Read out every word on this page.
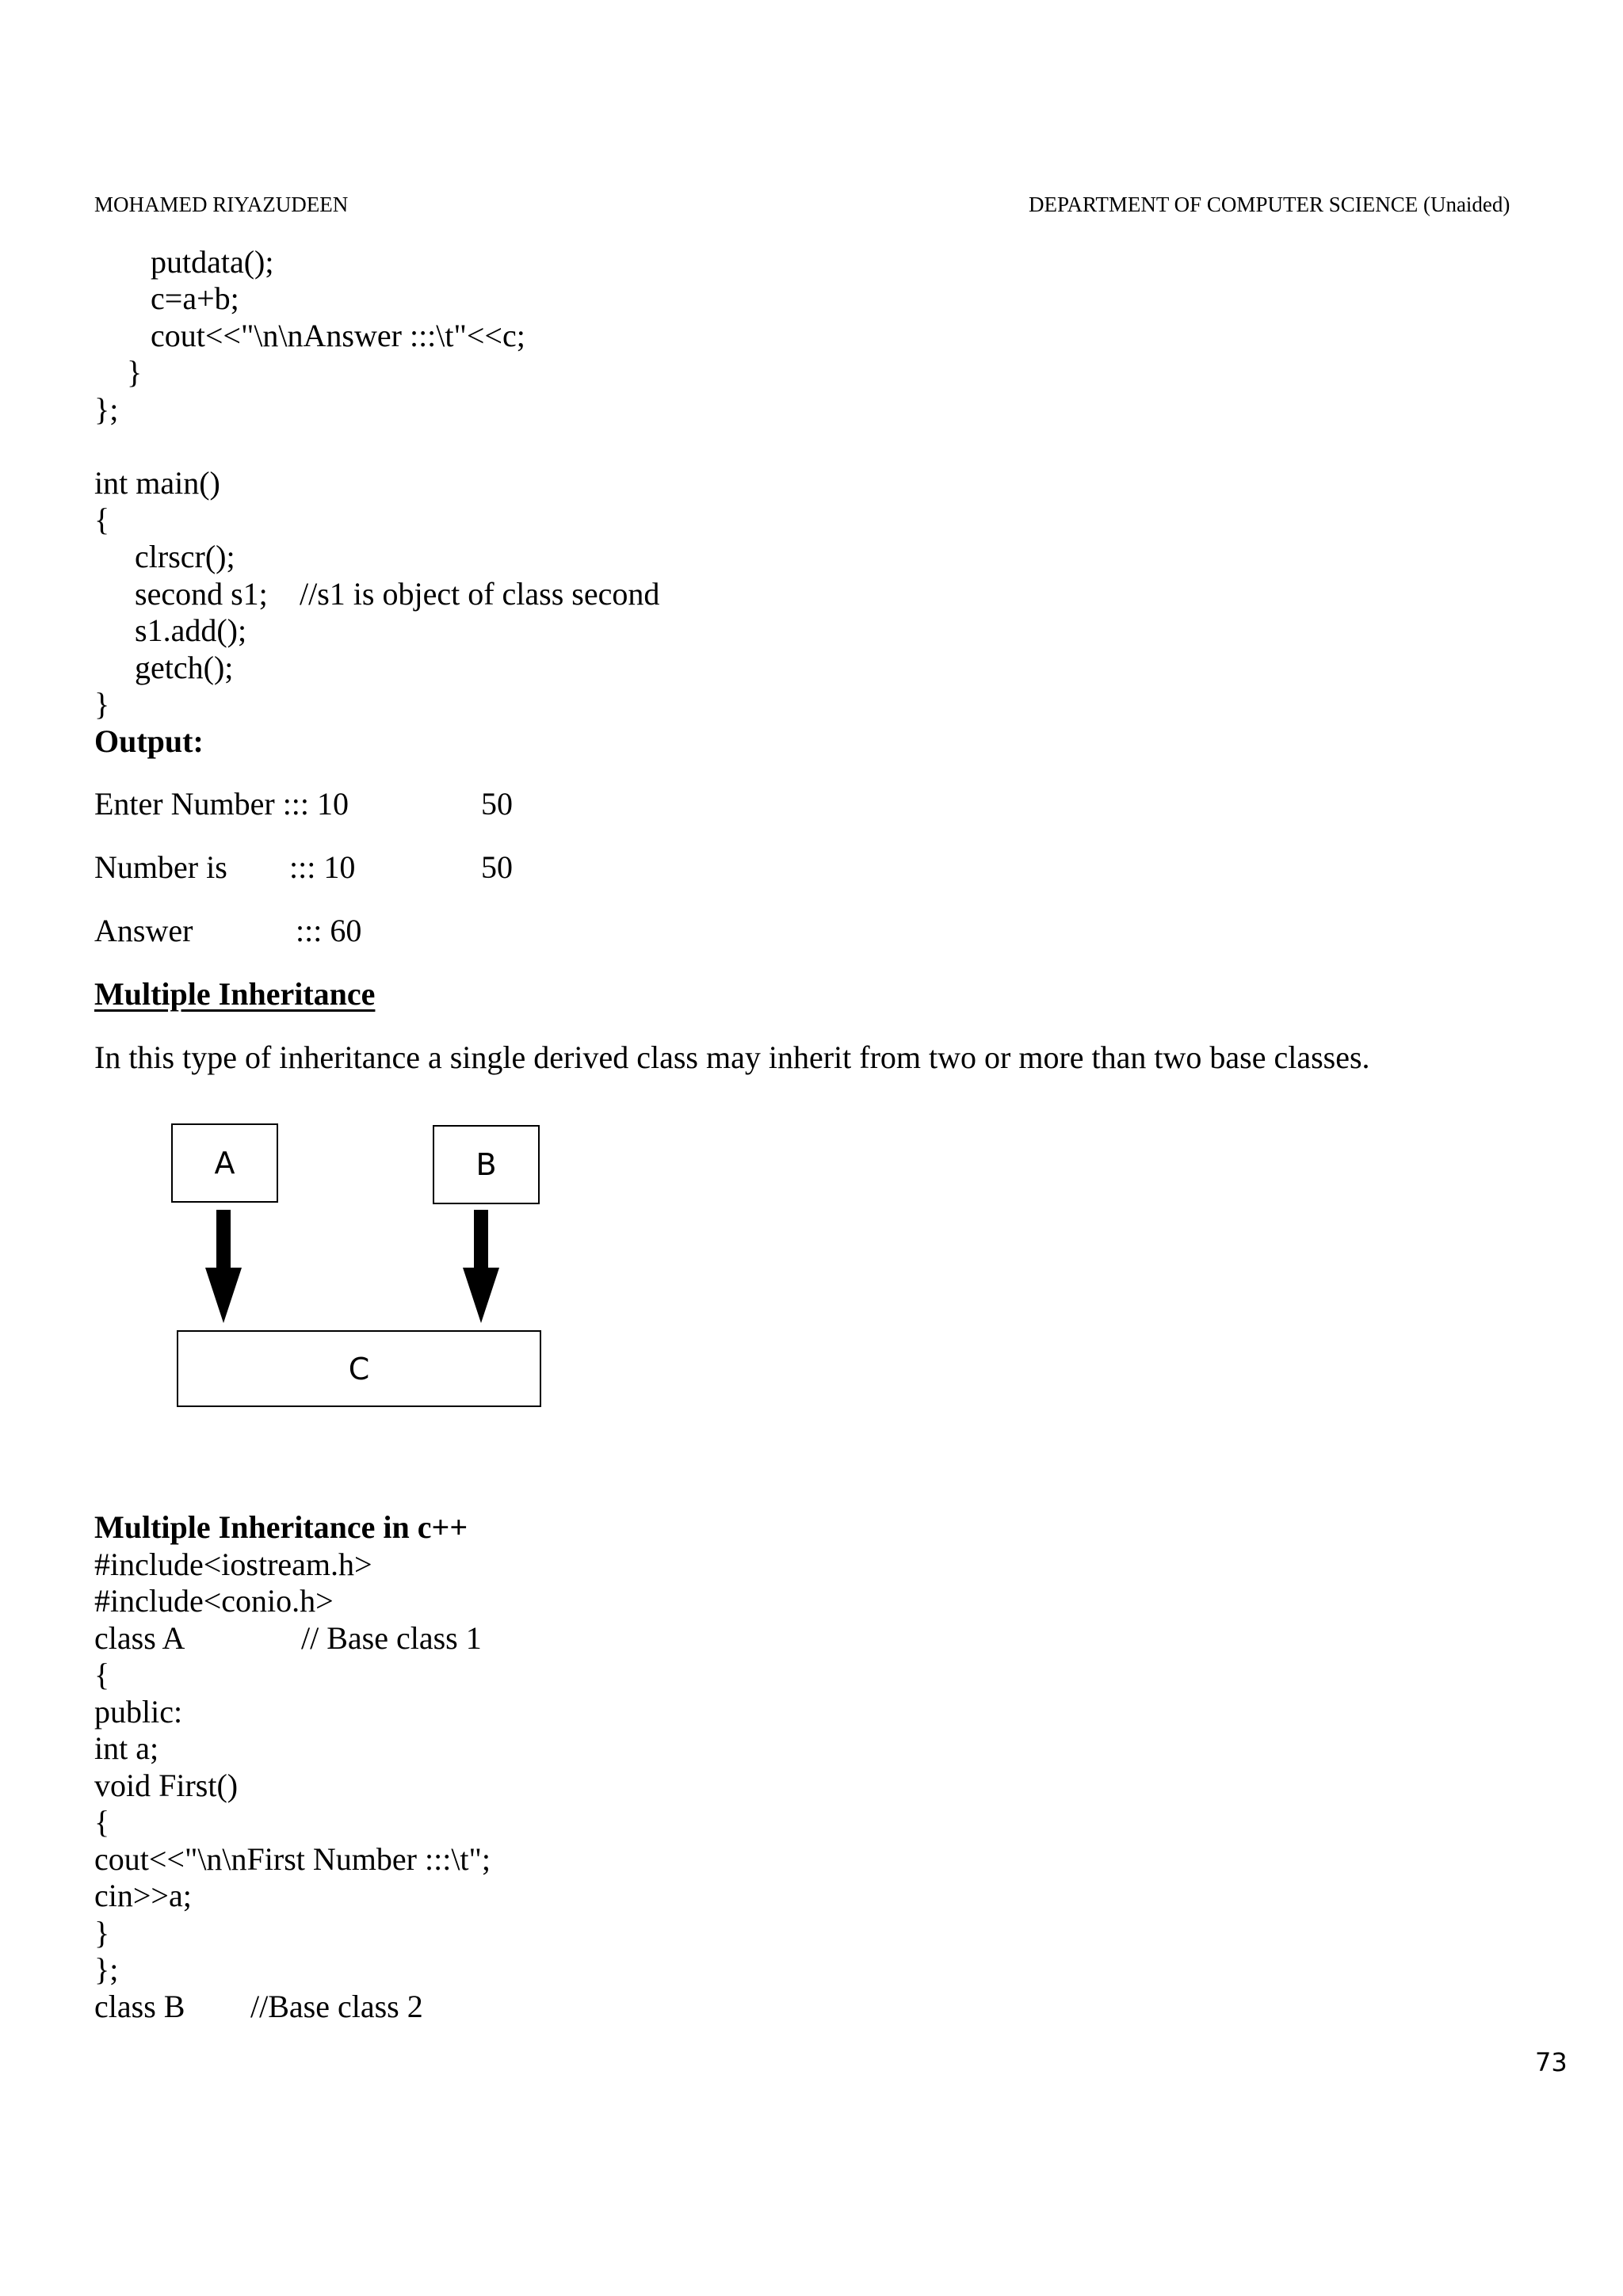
MOHAMED RIYAZUDEEN	DEPARTMENT OF COMPUTER SCIENCE (Unaided)
putdata();
c=a+b;
cout<<"\n\nAnswer :::\t"<<c;
}
};
int main()
{
clrscr();
second s1; //s1 is object of class second
s1.add();
getch();
}
Output:
Enter Number ::: 10	50
Number is ::: 10	50
Answer	::: 60
Multiple Inheritance
In this type of inheritance a single derived class may inherit from two or more than two base classes.
A	B
C
Multiple Inheritance in c++
#include<iostream.h>
#include<conio.h>
class A	// Base class 1
{
public:
int a;
void First()
{
cout<<"\n\nFirst Number :::\t";
cin>>a;
}
};
class B //Base class 2
73
